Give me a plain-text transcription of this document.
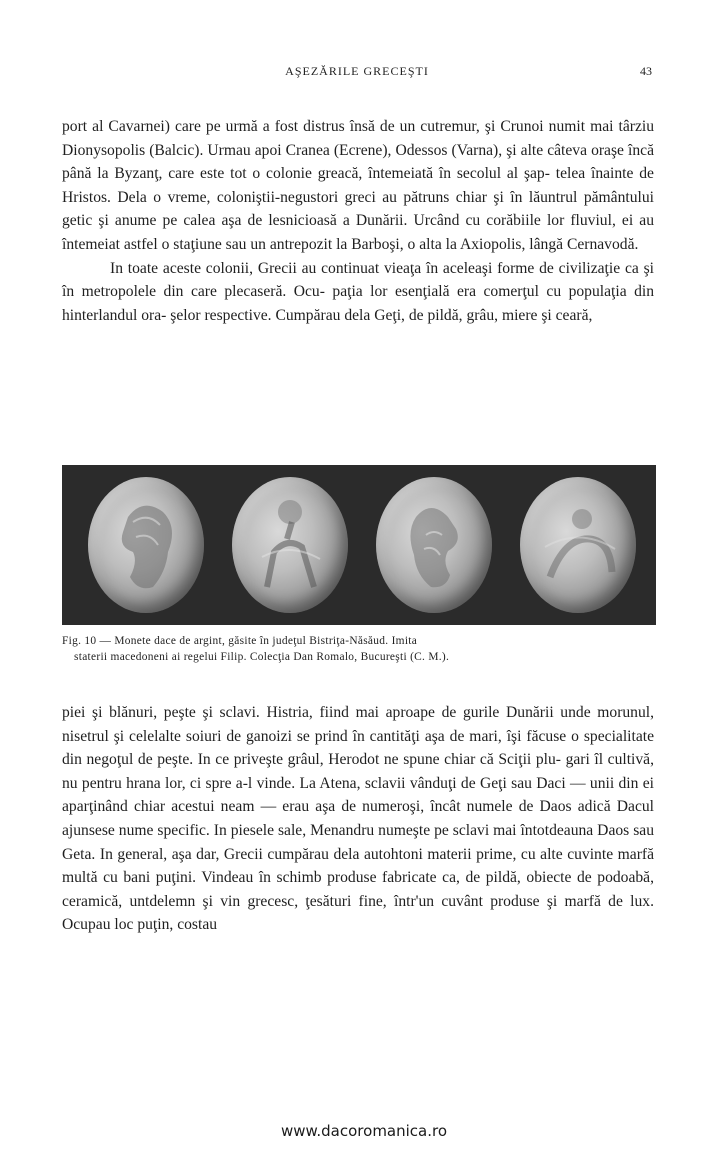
AŞEZĂRILE GRECEŞTI	43

port al Cavarnei) care pe urmă a fost distrus însă de un cutremur, şi Crunoi numit mai târziu Dionysopolis (Balcic). Urmau apoi Cranea (Ecrene), Odessos (Varna), şi alte câteva oraşe încă până la Byzanţ, care este tot o colonie greacă, întemeiată în secolul al şap- telea înainte de Hristos. Dela o vreme, coloniştii-negustori greci au pătruns chiar şi în lăuntrul pământului getic şi anume pe calea aşa de lesnicioasă a Dunării. Urcând cu corăbiile lor fluviul, ei au întemeiat astfel o staţiune sau un antrepozit la Barboşi, o alta la Axiopolis, lângă Cernavodă.

In toate aceste colonii, Grecii au continuat vieaţa în aceleaşi forme de civilizaţie ca şi în metropolele din care plecaseră. Ocu- paţia lor esenţială era comerţul cu populaţia din hinterlandul ora- şelor respective. Cumpărau dela Geţi, de pildă, grâu, miere şi ceară,

Fig. 10 — Monete dace de argint, găsite în judeţul Bistriţa-Năsăud. Imita
staterii macedoneni ai regelui Filip. Colecţia Dan Romalo, Bucureşti (C. M.).

piei şi blănuri, peşte şi sclavi. Histria, fiind mai aproape de gurile Dunării unde morunul, nisetrul şi celelalte soiuri de ganoizi se prind în cantităţi aşa de mari, îşi făcuse o specialitate din negoţul de peşte. In ce priveşte grâul, Herodot ne spune chiar că Sciţii plu- gari îl cultivă, nu pentru hrana lor, ci spre a-l vinde. La Atena, sclavii vânduţi de Geţi sau Daci — unii din ei aparţinând chiar acestui neam — erau aşa de numeroşi, încât numele de Daos adică Dacul ajunsese nume specific. In piesele sale, Menandru numeşte pe sclavi mai întotdeauna Daos sau Geta. In general, aşa dar, Grecii cumpărau dela autohtoni materii prime, cu alte cuvinte marfă multă cu bani puţini. Vindeau în schimb produse fabricate ca, de pildă, obiecte de podoabă, ceramică, untdelemn şi vin grecesc, ţesături fine, într'un cuvânt produse şi marfă de lux. Ocupau loc puţin, costau

www.dacoromanica.ro
